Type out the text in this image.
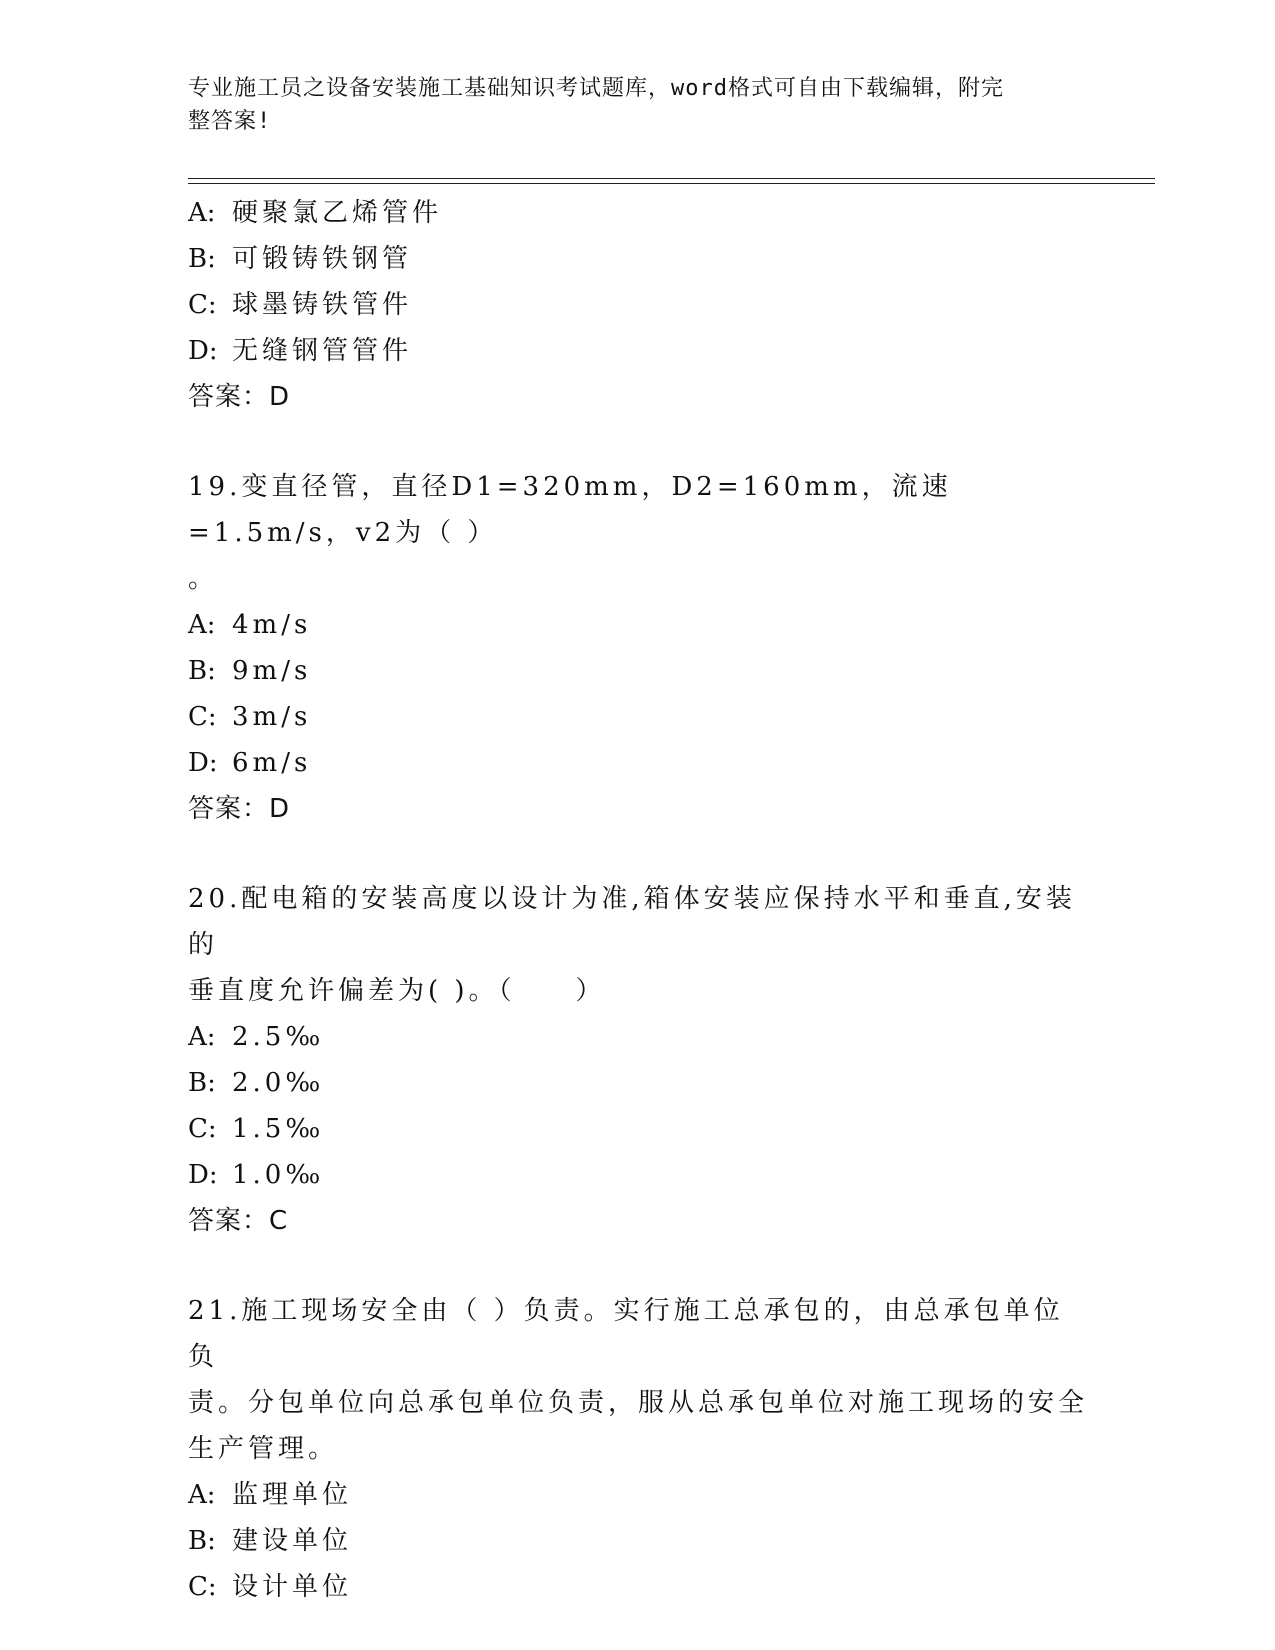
专业施工员之设备安装施工基础知识考试题库，word格式可自由下载编辑，附完
整答案!
A: 硬聚氯乙烯管件
B: 可锻铸铁钢管
C: 球墨铸铁管件
D: 无缝钢管管件
答案：D
19.变直径管，直径D1=320mm，D2=160mm，流速=1.5m/s，v2为（ ）
。
A: 4m/s
B: 9m/s
C: 3m/s
D: 6m/s
答案：D
20.配电箱的安装高度以设计为准,箱体安装应保持水平和垂直,安装的
垂直度允许偏差为( )。（　　）
A: 2.5‰
B: 2.0‰
C: 1.5‰
D: 1.0‰
答案：C
21.施工现场安全由（ ）负责。实行施工总承包的，由总承包单位负
责。分包单位向总承包单位负责，服从总承包单位对施工现场的安全
生产管理。
A: 监理单位
B: 建设单位
C: 设计单位
